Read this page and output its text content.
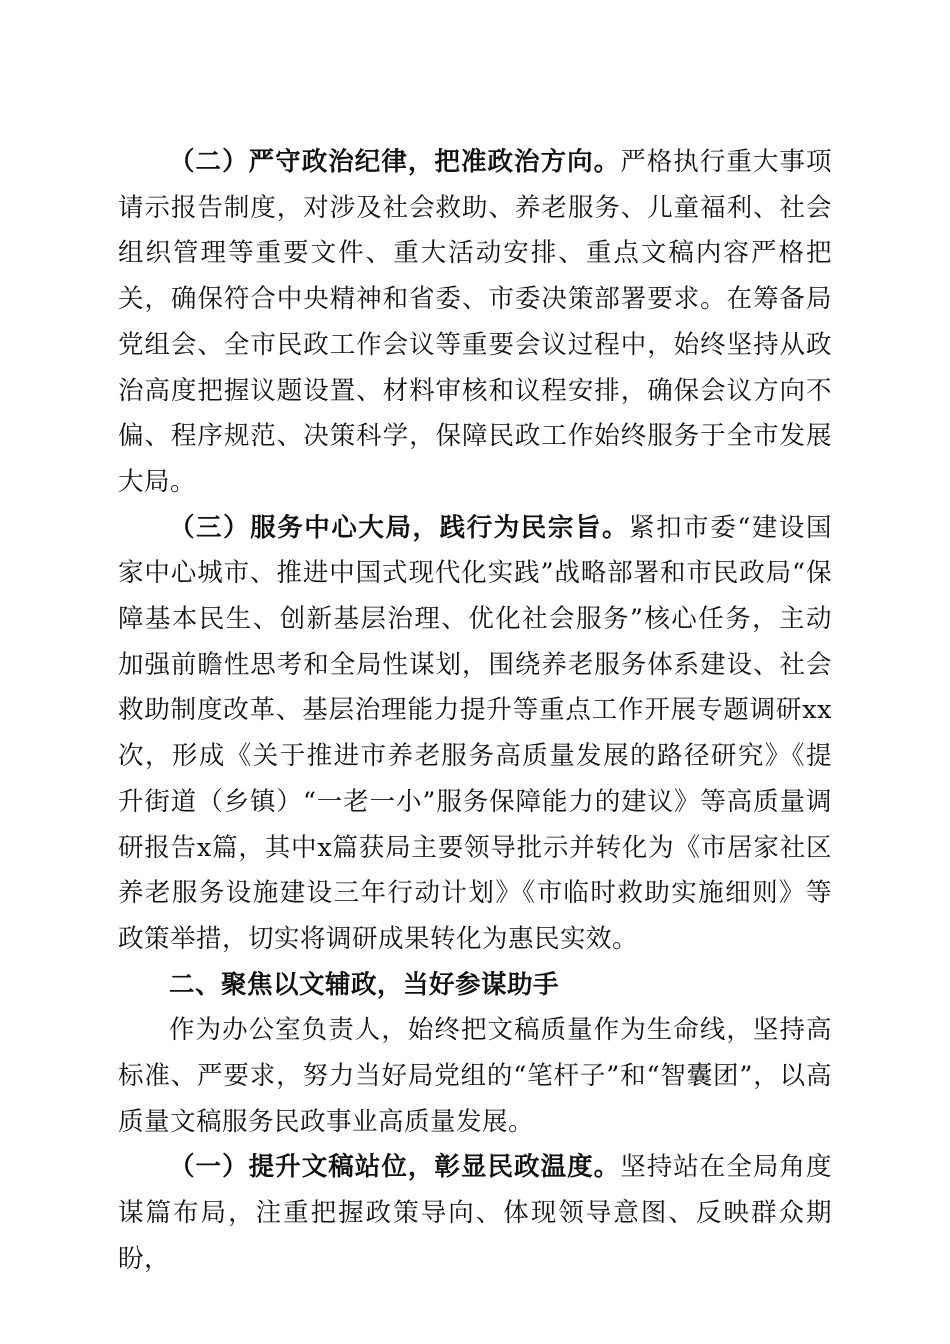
（二）严守政治纪律，把准政治方向。严格执行重大事项请示报告制度，对涉及社会救助、养老服务、儿童福利、社会组织管理等重要文件、重大活动安排、重点文稿内容严格把关，确保符合中央精神和省委、市委决策部署要求。在筹备局党组会、全市民政工作会议等重要会议过程中，始终坚持从政治高度把握议题设置、材料审核和议程安排，确保会议方向不偏、程序规范、决策科学，保障民政工作始终服务于全市发展大局。

（三）服务中心大局，践行为民宗旨。紧扣市委“建设国家中心城市、推进中国式现代化实践”战略部署和市民政局“保障基本民生、创新基层治理、优化社会服务”核心任务，主动加强前瞻性思考和全局性谋划，围绕养老服务体系建设、社会救助制度改革、基层治理能力提升等重点工作开展专题调研xx次，形成《关于推进市养老服务高质量发展的路径研究》《提升街道（乡镇）“一老一小”服务保障能力的建议》等高质量调研报告x篇，其中x篇获局主要领导批示并转化为《市居家社区养老服务设施建设三年行动计划》《市临时救助实施细则》等政策举措，切实将调研成果转化为惠民实效。

二、聚焦以文辅政，当好参谋助手

作为办公室负责人，始终把文稿质量作为生命线，坚持高标准、严要求，努力当好局党组的“笔杆子”和“智囊团”，以高质量文稿服务民政事业高质量发展。

（一）提升文稿站位，彰显民政温度。坚持站在全局角度谋篇布局，注重把握政策导向、体现领导意图、反映群众期盼，
